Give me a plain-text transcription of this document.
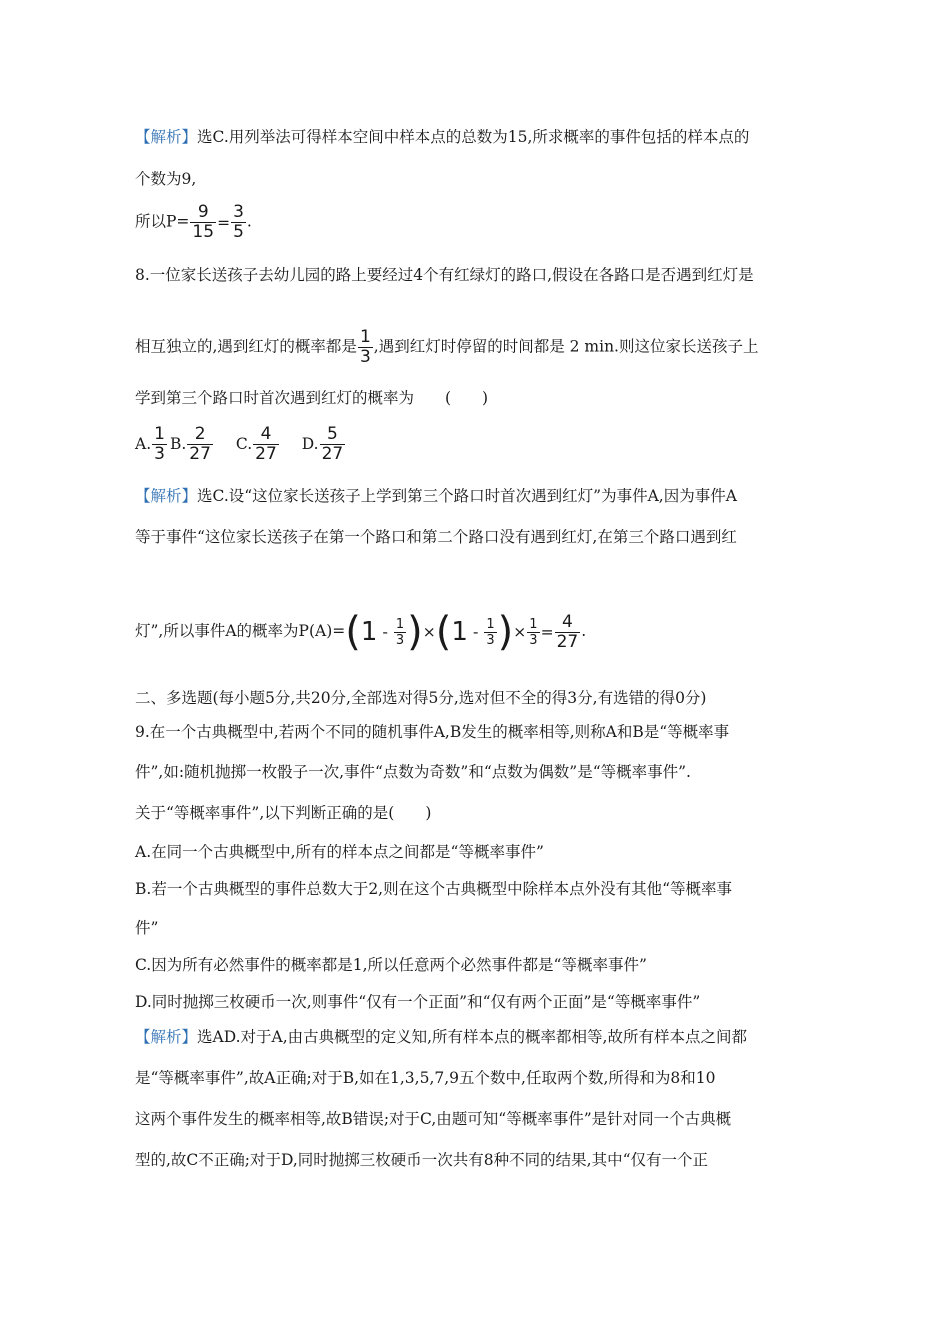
【解析】选C.用列举法可得样本空间中样本点的总数为15,所求概率的事件包括的样本点的
个数为9,
所以$P= \frac{9}{15} = \frac{3}{5}$ .
8.一位家长送孩子去幼儿园的路上要经过4个有红绿灯的路口,假设在各路口是否遇到红灯是
相互独立的,遇到红灯的概率都是 $\frac{1}{3}$ ,遇到红灯时停留的时间都是 2 min.则这位家长送孩子上
学到第三个路口时首次遇到红灯的概率为　　(　　)
A. $\frac{1}{3} B$. $\frac{2}{27} C$. $\frac{4}{27} D$. $\frac{5}{27}$
【解析】选C.设“这位家长送孩子上学到第三个路口时首次遇到红灯”为事件A,因为事件A
等于事件“这位家长送孩子在第一个路口和第二个路口没有遇到红灯,在第三个路口遇到红
灯”,所以事件A的概率为$P(A)=(1 - \frac{1}{3} )\times(1 - \frac{1}{3}$ )× $\frac{1}{3} = \frac{4}{27}$ .
二、多选题(每小题5分,共20分,全部选对得5分,选对但不全的得3分,有选错的得0分)
9.在一个古典概型中,若两个不同的随机事件A,B发生的概率相等,则称A和B是“等概率事
件”,如:随机抛掷一枚骰子一次,事件“点数为奇数”和“点数为偶数”是“等概率事件”.
关于“等概率事件”,以下判断正确的是(　　)
A.在同一个古典概型中,所有的样本点之间都是“等概率事件”
B.若一个古典概型的事件总数大于2,则在这个古典概型中除样本点外没有其他“等概率事
件”
C.因为所有必然事件的概率都是1,所以任意两个必然事件都是“等概率事件”
D.同时抛掷三枚硬币一次,则事件“仅有一个正面”和“仅有两个正面”是“等概率事件”
【解析】选AD.对于A,由古典概型的定义知,所有样本点的概率都相等,故所有样本点之间都
是“等概率事件”,故A正确;对于B,如在1,3,5,7,9五个数中,任取两个数,所得和为8和10
这两个事件发生的概率相等,故B错误;对于C,由题可知“等概率事件”是针对同一个古典概
型的,故C不正确;对于D,同时抛掷三枚硬币一次共有8种不同的结果,其中“仅有一个正
